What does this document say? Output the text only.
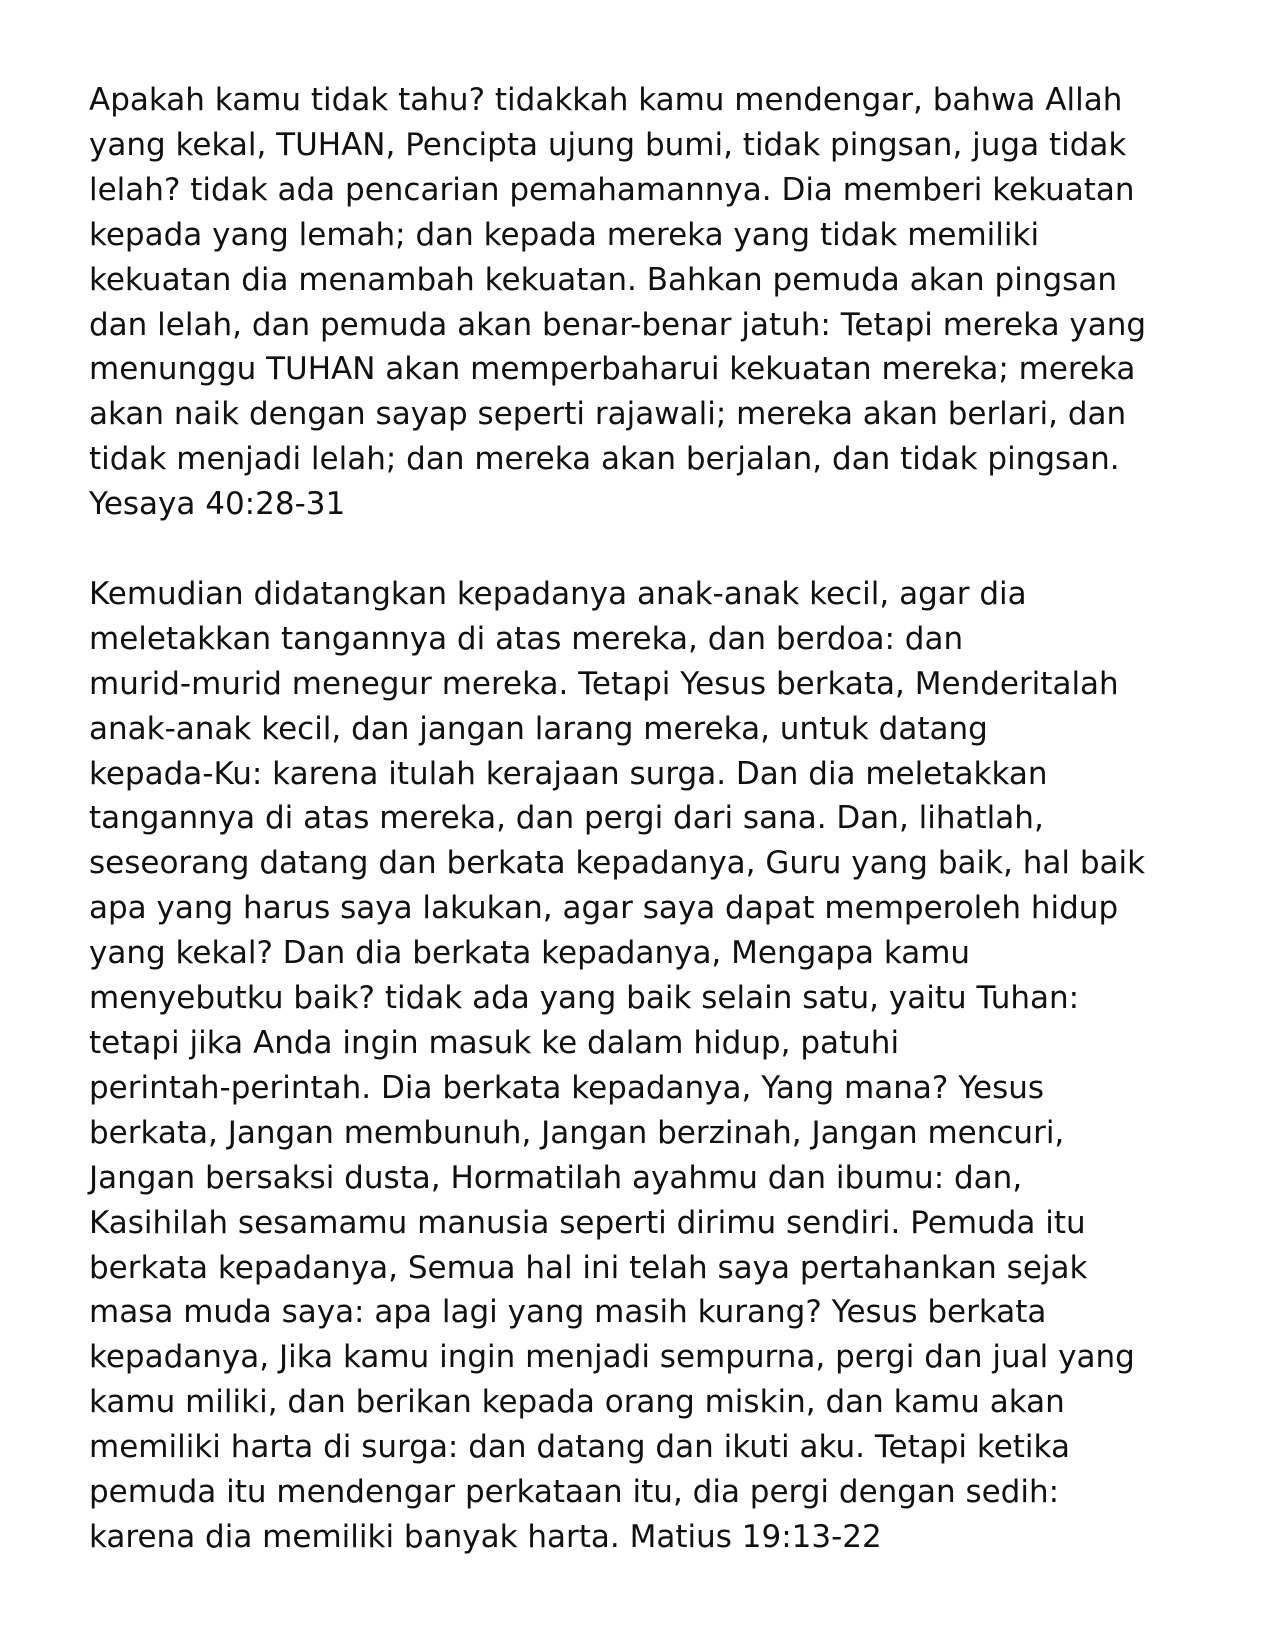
Apakah kamu tidak tahu? tidakkah kamu mendengar, bahwa Allah
yang kekal, TUHAN, Pencipta ujung bumi, tidak pingsan, juga tidak
lelah? tidak ada pencarian pemahamannya. Dia memberi kekuatan
kepada yang lemah; dan kepada mereka yang tidak memiliki
kekuatan dia menambah kekuatan. Bahkan pemuda akan pingsan
dan lelah, dan pemuda akan benar-benar jatuh: Tetapi mereka yang
menunggu TUHAN akan memperbaharui kekuatan mereka; mereka
akan naik dengan sayap seperti rajawali; mereka akan berlari, dan
tidak menjadi lelah; dan mereka akan berjalan, dan tidak pingsan.
Yesaya 40:28-31
Kemudian didatangkan kepadanya anak-anak kecil, agar dia
meletakkan tangannya di atas mereka, dan berdoa: dan
murid-murid menegur mereka. Tetapi Yesus berkata, Menderitalah
anak-anak kecil, dan jangan larang mereka, untuk datang
kepada-Ku: karena itulah kerajaan surga. Dan dia meletakkan
tangannya di atas mereka, dan pergi dari sana. Dan, lihatlah,
seseorang datang dan berkata kepadanya, Guru yang baik, hal baik
apa yang harus saya lakukan, agar saya dapat memperoleh hidup
yang kekal? Dan dia berkata kepadanya, Mengapa kamu
menyebutku baik? tidak ada yang baik selain satu, yaitu Tuhan:
tetapi jika Anda ingin masuk ke dalam hidup, patuhi
perintah-perintah. Dia berkata kepadanya, Yang mana? Yesus
berkata, Jangan membunuh, Jangan berzinah, Jangan mencuri,
Jangan bersaksi dusta, Hormatilah ayahmu dan ibumu: dan,
Kasihilah sesamamu manusia seperti dirimu sendiri. Pemuda itu
berkata kepadanya, Semua hal ini telah saya pertahankan sejak
masa muda saya: apa lagi yang masih kurang? Yesus berkata
kepadanya, Jika kamu ingin menjadi sempurna, pergi dan jual yang
kamu miliki, dan berikan kepada orang miskin, dan kamu akan
memiliki harta di surga: dan datang dan ikuti aku. Tetapi ketika
pemuda itu mendengar perkataan itu, dia pergi dengan sedih:
karena dia memiliki banyak harta. Matius 19:13-22
